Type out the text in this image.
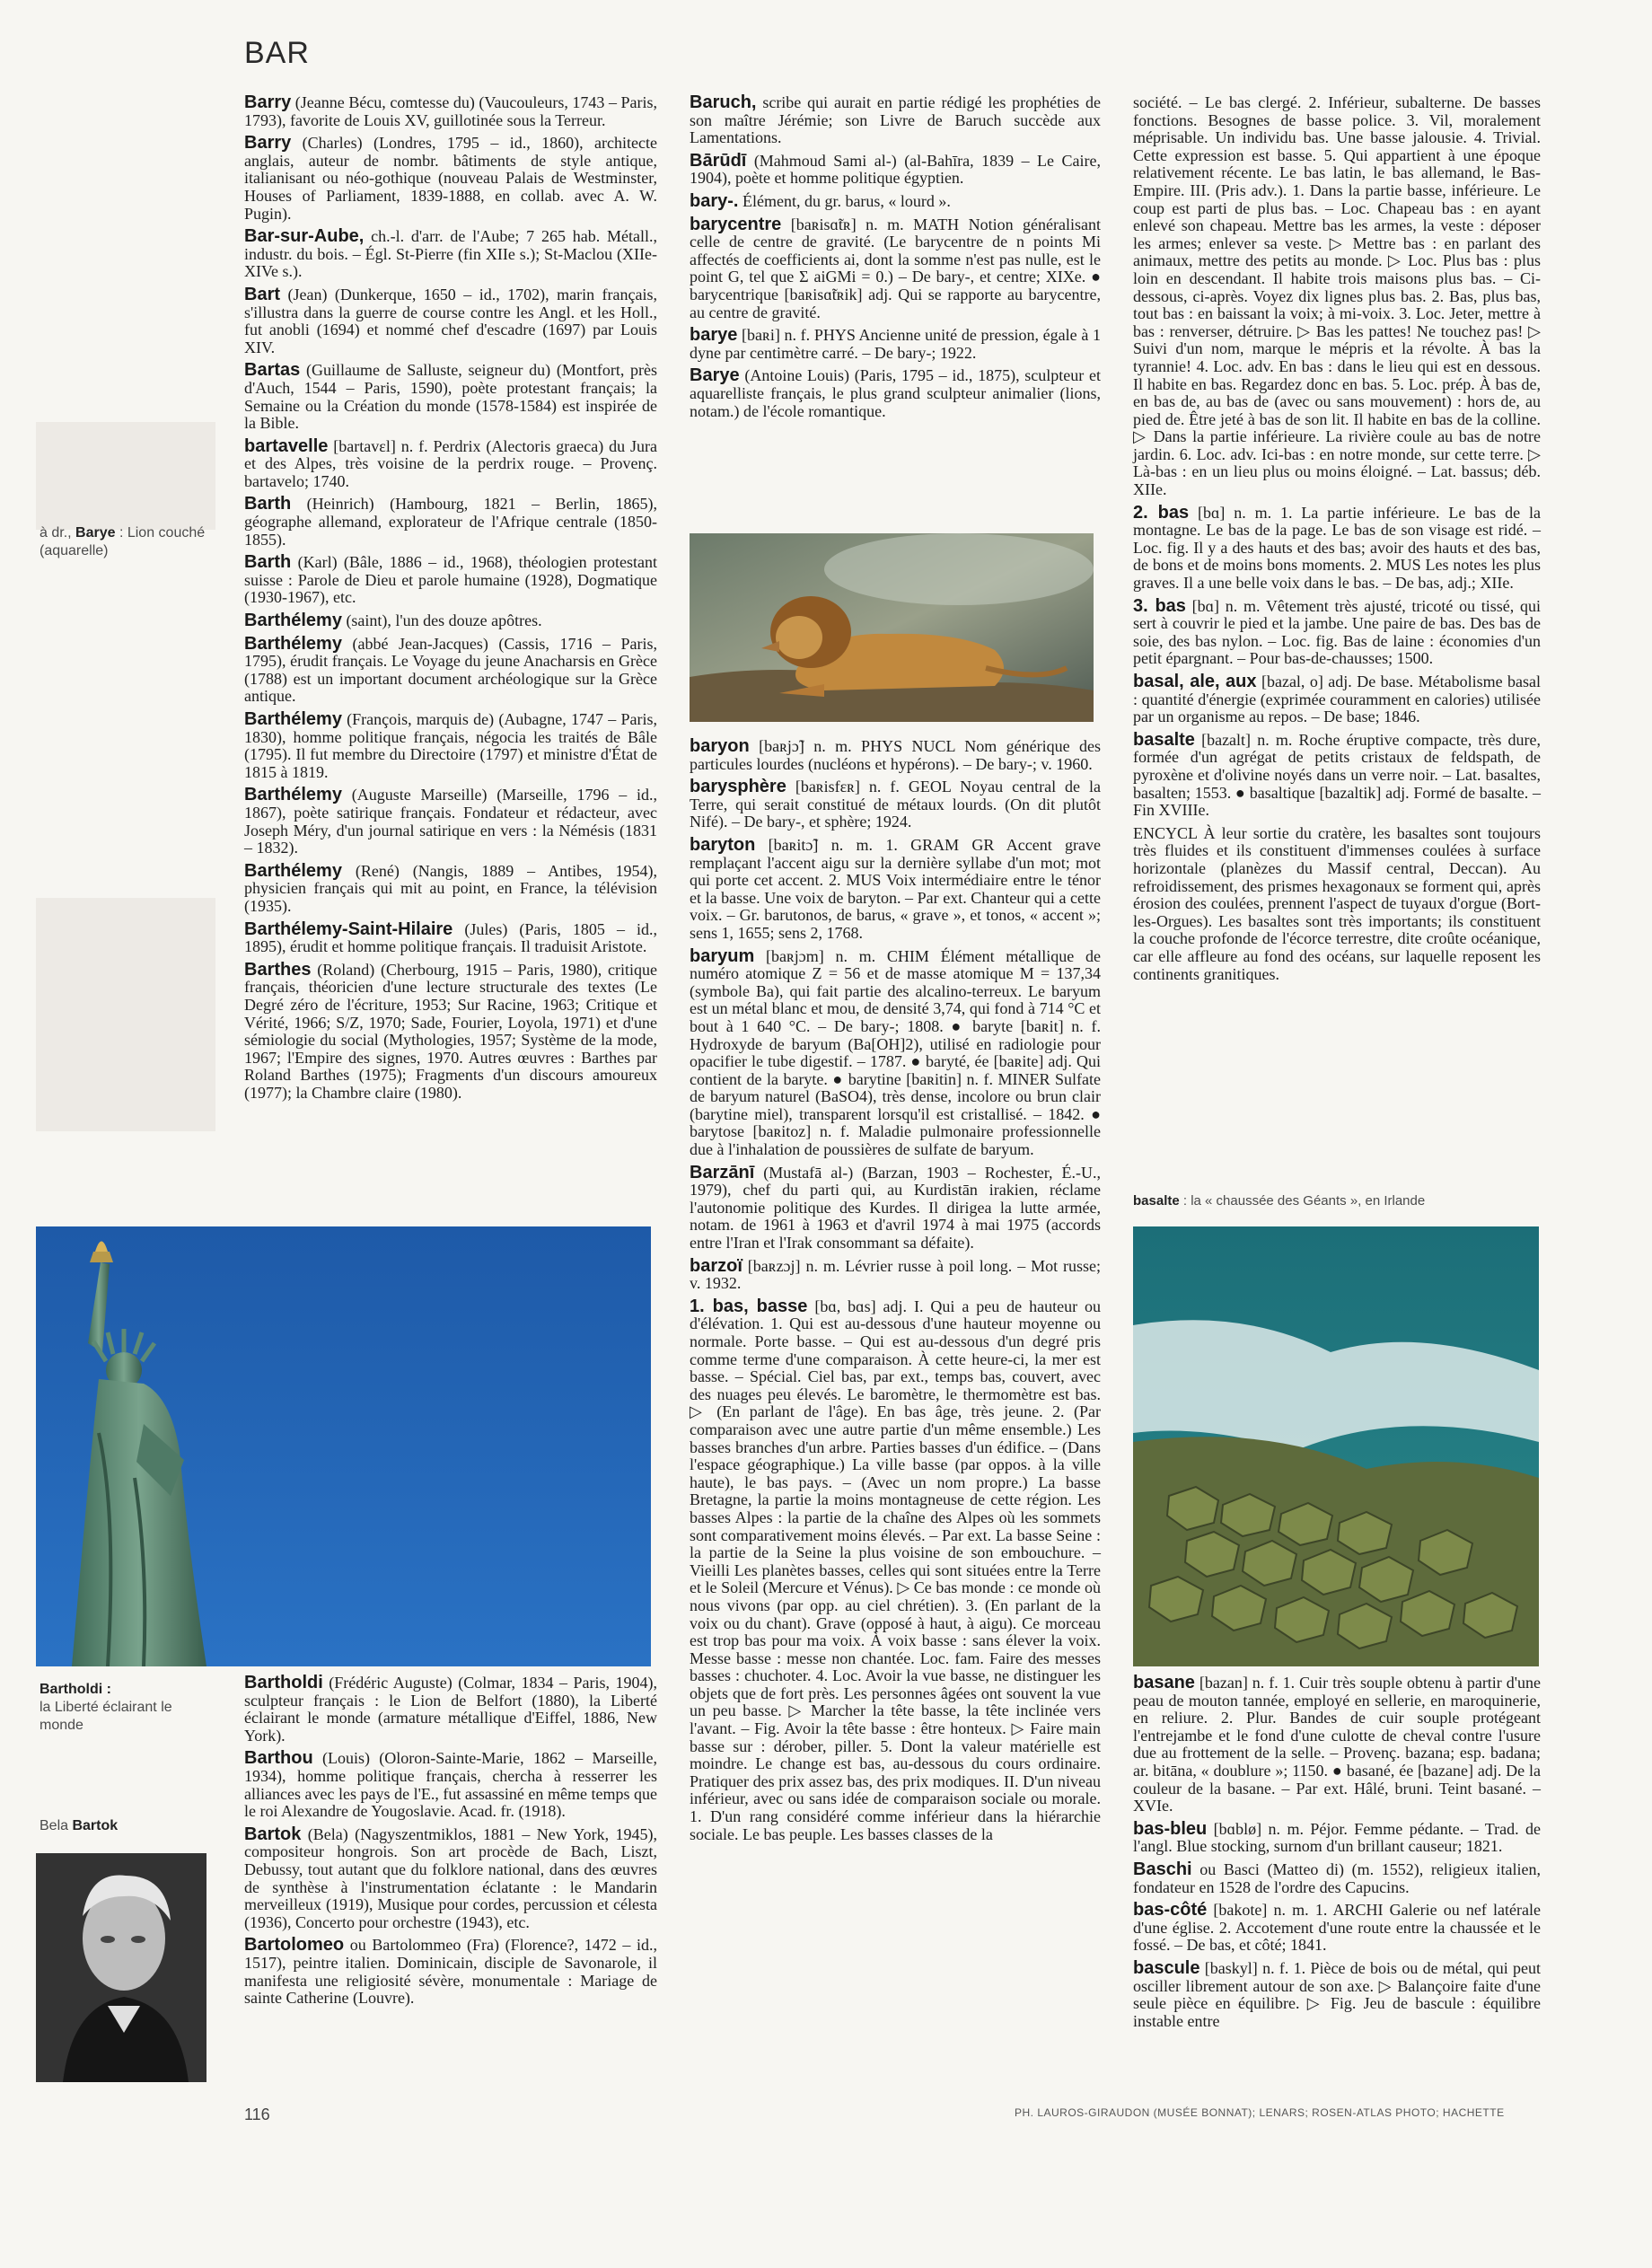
BAR
à dr., Barye : Lion couché (aquarelle)
Bartholdi :
la Liberté éclairant le monde
Bela Bartok
basalte : la « chaussée des Géants », en Irlande

Barry (Jeanne Bécu, comtesse du) (Vaucouleurs, 1743 – Paris, 1793), favorite de Louis XV, guillotinée sous la Terreur.

Barry (Charles) (Londres, 1795 – id., 1860), architecte anglais, auteur de nombr. bâtiments de style antique, italianisant ou néo-gothique (nouveau Palais de Westminster, Houses of Parliament, 1839-1888, en collab. avec A. W. Pugin).

Bar-sur-Aube, ch.-l. d'arr. de l'Aube; 7 265 hab. Métall., industr. du bois. – Égl. St-Pierre (fin XIIe s.); St-Maclou (XIIe-XIVe s.).

Bart (Jean) (Dunkerque, 1650 – id., 1702), marin français, s'illustra dans la guerre de course contre les Angl. et les Holl., fut anobli (1694) et nommé chef d'escadre (1697) par Louis XIV.

Bartas (Guillaume de Salluste, seigneur du) (Montfort, près d'Auch, 1544 – Paris, 1590), poète protestant français; la Semaine ou la Création du monde (1578-1584) est inspirée de la Bible.

bartavelle [bartavɛl] n. f. Perdrix (Alectoris graeca) du Jura et des Alpes, très voisine de la perdrix rouge. – Provenç. bartavelo; 1740.

Barth (Heinrich) (Hambourg, 1821 – Berlin, 1865), géographe allemand, explorateur de l'Afrique centrale (1850-1855).

Barth (Karl) (Bâle, 1886 – id., 1968), théologien protestant suisse : Parole de Dieu et parole humaine (1928), Dogmatique (1930-1967), etc.

Barthélemy (saint), l'un des douze apôtres.

Barthélemy (abbé Jean-Jacques) (Cassis, 1716 – Paris, 1795), érudit français. Le Voyage du jeune Anacharsis en Grèce (1788) est un important document archéologique sur la Grèce antique.

Barthélemy (François, marquis de) (Aubagne, 1747 – Paris, 1830), homme politique français, négocia les traités de Bâle (1795). Il fut membre du Directoire (1797) et ministre d'État de 1815 à 1819.

Barthélemy (Auguste Marseille) (Marseille, 1796 – id., 1867), poète satirique français. Fondateur et rédacteur, avec Joseph Méry, d'un journal satirique en vers : la Némésis (1831 – 1832).

Barthélemy (René) (Nangis, 1889 – Antibes, 1954), physicien français qui mit au point, en France, la télévision (1935).

Barthélemy-Saint-Hilaire (Jules) (Paris, 1805 – id., 1895), érudit et homme politique français. Il traduisit Aristote.

Barthes (Roland) (Cherbourg, 1915 – Paris, 1980), critique français, théoricien d'une lecture structurale des textes (Le Degré zéro de l'écriture, 1953; Sur Racine, 1963; Critique et Vérité, 1966; S/Z, 1970; Sade, Fourier, Loyola, 1971) et d'une sémiologie du social (Mythologies, 1957; Système de la mode, 1967; l'Empire des signes, 1970. Autres œuvres : Barthes par Roland Barthes (1975); Fragments d'un discours amoureux (1977); la Chambre claire (1980).

Bartholdi (Frédéric Auguste) (Colmar, 1834 – Paris, 1904), sculpteur français : le Lion de Belfort (1880), la Liberté éclairant le monde (armature métallique d'Eiffel, 1886, New York).

Barthou (Louis) (Oloron-Sainte-Marie, 1862 – Marseille, 1934), homme politique français, chercha à resserrer les alliances avec les pays de l'E., fut assassiné en même temps que le roi Alexandre de Yougoslavie. Acad. fr. (1918).

Bartok (Bela) (Nagyszentmiklos, 1881 – New York, 1945), compositeur hongrois. Son art procède de Bach, Liszt, Debussy, tout autant que du folklore national, dans des œuvres de synthèse à l'instrumentation éclatante : le Mandarin merveilleux (1919), Musique pour cordes, percussion et célesta (1936), Concerto pour orchestre (1943), etc.

Bartolomeo ou Bartolommeo (Fra) (Florence?, 1472 – id., 1517), peintre italien. Dominicain, disciple de Savonarole, il manifesta une religiosité sévère, monumentale : Mariage de sainte Catherine (Louvre).

Baruch, scribe qui aurait en partie rédigé les prophéties de son maître Jérémie; son Livre de Baruch succède aux Lamentations.

Bārūdī (Mahmoud Sami al-) (al-Bahīra, 1839 – Le Caire, 1904), poète et homme politique égyptien.

bary-. Élément, du gr. barus, « lourd ».

barycentre [baʀisɑ̃tʀ] n. m. MATH Notion généralisant celle de centre de gravité. (Le barycentre de n points Mi affectés de coefficients ai, dont la somme n'est pas nulle, est le point G, tel que Σ aiGMi = 0.) – De bary-, et centre; XIXe. ● barycentrique [baʀisɑ̃tʀik] adj. Qui se rapporte au barycentre, au centre de gravité.

barye [baʀi] n. f. PHYS Ancienne unité de pression, égale à 1 dyne par centimètre carré. – De bary-; 1922.

Barye (Antoine Louis) (Paris, 1795 – id., 1875), sculpteur et aquarelliste français, le plus grand sculpteur animalier (lions, notam.) de l'école romantique.

baryon [baʀjɔ̃] n. m. PHYS NUCL Nom générique des particules lourdes (nucléons et hypérons). – De bary-; v. 1960.

barysphère [baʀisfɛʀ] n. f. GEOL Noyau central de la Terre, qui serait constitué de métaux lourds. (On dit plutôt Nifé). – De bary-, et sphère; 1924.

baryton [baʀitɔ̃] n. m. 1. GRAM GR Accent grave remplaçant l'accent aigu sur la dernière syllabe d'un mot; mot qui porte cet accent. 2. MUS Voix intermédiaire entre le ténor et la basse. Une voix de baryton. – Par ext. Chanteur qui a cette voix. – Gr. barutonos, de barus, « grave », et tonos, « accent »; sens 1, 1655; sens 2, 1768.

baryum [baʀjɔm] n. m. CHIM Élément métallique de numéro atomique Z = 56 et de masse atomique M = 137,34 (symbole Ba), qui fait partie des alcalino-terreux. Le baryum est un métal blanc et mou, de densité 3,74, qui fond à 714 °C et bout à 1 640 °C. – De bary-; 1808. ● baryte [baʀit] n. f. Hydroxyde de baryum (Ba[OH]2), utilisé en radiologie pour opacifier le tube digestif. – 1787. ● baryté, ée [baʀite] adj. Qui contient de la baryte. ● barytine [baʀitin] n. f. MINER Sulfate de baryum naturel (BaSO4), très dense, incolore ou brun clair (barytine miel), transparent lorsqu'il est cristallisé. – 1842. ● barytose [baʀitoz] n. f. Maladie pulmonaire professionnelle due à l'inhalation de poussières de sulfate de baryum.

Barzānī (Mustafā al-) (Barzan, 1903 – Rochester, É.-U., 1979), chef du parti qui, au Kurdistān irakien, réclame l'autonomie politique des Kurdes. Il dirigea la lutte armée, notam. de 1961 à 1963 et d'avril 1974 à mai 1975 (accords entre l'Iran et l'Irak consommant sa défaite).

barzoï [baʀzɔj] n. m. Lévrier russe à poil long. – Mot russe; v. 1932.

1. bas, basse [bɑ, bɑs] adj. I. Qui a peu de hauteur ou d'élévation. 1. Qui est au-dessous d'une hauteur moyenne ou normale. Porte basse. – Qui est au-dessous d'un degré pris comme terme d'une comparaison. À cette heure-ci, la mer est basse. – Spécial. Ciel bas, par ext., temps bas, couvert, avec des nuages peu élevés. Le baromètre, le thermomètre est bas. ▷ (En parlant de l'âge). En bas âge, très jeune. 2. (Par comparaison avec une autre partie d'un même ensemble.) Les basses branches d'un arbre. Parties basses d'un édifice. – (Dans l'espace géographique.) La ville basse (par oppos. à la ville haute), le bas pays. – (Avec un nom propre.) La basse Bretagne, la partie la moins montagneuse de cette région. Les basses Alpes : la partie de la chaîne des Alpes où les sommets sont comparativement moins élevés. – Par ext. La basse Seine : la partie de la Seine la plus voisine de son embouchure. – Vieilli Les planètes basses, celles qui sont situées entre la Terre et le Soleil (Mercure et Vénus). ▷ Ce bas monde : ce monde où nous vivons (par opp. au ciel chrétien). 3. (En parlant de la voix ou du chant). Grave (opposé à haut, à aigu). Ce morceau est trop bas pour ma voix. À voix basse : sans élever la voix. Messe basse : messe non chantée. Loc. fam. Faire des messes basses : chuchoter. 4. Loc. Avoir la vue basse, ne distinguer les objets que de fort près. Les personnes âgées ont souvent la vue un peu basse. ▷ Marcher la tête basse, la tête inclinée vers l'avant. – Fig. Avoir la tête basse : être honteux. ▷ Faire main basse sur : dérober, piller. 5. Dont la valeur matérielle est moindre. Le change est bas, au-dessous du cours ordinaire. Pratiquer des prix assez bas, des prix modiques. II. D'un niveau inférieur, avec ou sans idée de comparaison sociale ou morale. 1. D'un rang considéré comme inférieur dans la hiérarchie sociale. Le bas peuple. Les basses classes de la

société. – Le bas clergé. 2. Inférieur, subalterne. De basses fonctions. Besognes de basse police. 3. Vil, moralement méprisable. Un individu bas. Une basse jalousie. 4. Trivial. Cette expression est basse. 5. Qui appartient à une époque relativement récente. Le bas latin, le bas allemand, le Bas-Empire. III. (Pris adv.). 1. Dans la partie basse, inférieure. Le coup est parti de plus bas. – Loc. Chapeau bas : en ayant enlevé son chapeau. Mettre bas les armes, la veste : déposer les armes; enlever sa veste. ▷ Mettre bas : en parlant des animaux, mettre des petits au monde. ▷ Loc. Plus bas : plus loin en descendant. Il habite trois maisons plus bas. – Ci-dessous, ci-après. Voyez dix lignes plus bas. 2. Bas, plus bas, tout bas : en baissant la voix; à mi-voix. 3. Loc. Jeter, mettre à bas : renverser, détruire. ▷ Bas les pattes! Ne touchez pas! ▷ Suivi d'un nom, marque le mépris et la révolte. À bas la tyrannie! 4. Loc. adv. En bas : dans le lieu qui est en dessous. Il habite en bas. Regardez donc en bas. 5. Loc. prép. À bas de, en bas de, au bas de (avec ou sans mouvement) : hors de, au pied de. Être jeté à bas de son lit. Il habite en bas de la colline. ▷ Dans la partie inférieure. La rivière coule au bas de notre jardin. 6. Loc. adv. Ici-bas : en notre monde, sur cette terre. ▷ Là-bas : en un lieu plus ou moins éloigné. – Lat. bassus; déb. XIIe.

2. bas [bɑ] n. m. 1. La partie inférieure. Le bas de la montagne. Le bas de la page. Le bas de son visage est ridé. – Loc. fig. Il y a des hauts et des bas; avoir des hauts et des bas, de bons et de moins bons moments. 2. MUS Les notes les plus graves. Il a une belle voix dans le bas. – De bas, adj.; XIIe.

3. bas [bɑ] n. m. Vêtement très ajusté, tricoté ou tissé, qui sert à couvrir le pied et la jambe. Une paire de bas. Des bas de soie, des bas nylon. – Loc. fig. Bas de laine : économies d'un petit épargnant. – Pour bas-de-chausses; 1500.

basal, ale, aux [bazal, o] adj. De base. Métabolisme basal : quantité d'énergie (exprimée couramment en calories) utilisée par un organisme au repos. – De base; 1846.

basalte [bazalt] n. m. Roche éruptive compacte, très dure, formée d'un agrégat de petits cristaux de feldspath, de pyroxène et d'olivine noyés dans un verre noir. – Lat. basaltes, basalten; 1553. ● basaltique [bazaltik] adj. Formé de basalte. – Fin XVIIIe.

ENCYCL À leur sortie du cratère, les basaltes sont toujours très fluides et ils constituent d'immenses coulées à surface horizontale (planèzes du Massif central, Deccan). Au refroidissement, des prismes hexagonaux se forment qui, après érosion des coulées, prennent l'aspect de tuyaux d'orgue (Bort-les-Orgues). Les basaltes sont très importants; ils constituent la couche profonde de l'écorce terrestre, dite croûte océanique, car elle affleure au fond des océans, sur laquelle reposent les continents granitiques.

basane [bazan] n. f. 1. Cuir très souple obtenu à partir d'une peau de mouton tannée, employé en sellerie, en maroquinerie, en reliure. 2. Plur. Bandes de cuir souple protégeant l'entrejambe et le fond d'une culotte de cheval contre l'usure due au frottement de la selle. – Provenç. bazana; esp. badana; ar. bitāna, « doublure »; 1150. ● basané, ée [bazane] adj. De la couleur de la basane. – Par ext. Hâlé, bruni. Teint basané. – XVIe.

bas-bleu [bɑblø] n. m. Péjor. Femme pédante. – Trad. de l'angl. Blue stocking, surnom d'un brillant causeur; 1821.

Baschi ou Basci (Matteo di) (m. 1552), religieux italien, fondateur en 1528 de l'ordre des Capucins.

bas-côté [bakote] n. m. 1. ARCHI Galerie ou nef latérale d'une église. 2. Accotement d'une route entre la chaussée et le fossé. – De bas, et côté; 1841.

bascule [baskyl] n. f. 1. Pièce de bois ou de métal, qui peut osciller librement autour de son axe. ▷ Balançoire faite d'une seule pièce en équilibre. ▷ Fig. Jeu de bascule : équilibre instable entre

116	PH. LAUROS-GIRAUDON (MUSÉE BONNAT); LENARS; ROSEN-ATLAS PHOTO; HACHETTE
